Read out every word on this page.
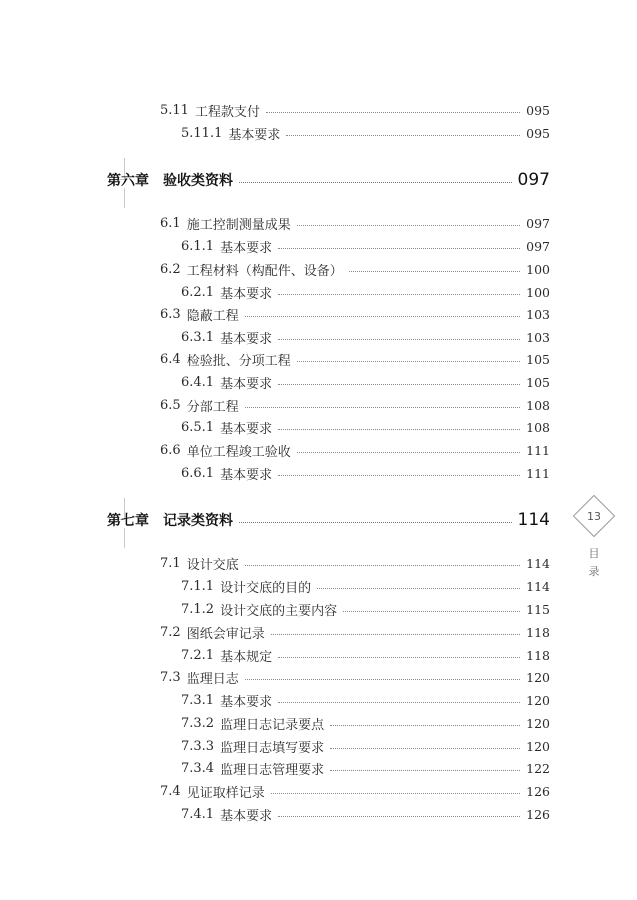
5.11 工程款支付	095
5.11.1 基本要求	095
第六章 验收类资料	097
6.1 施工控制测量成果	097
6.1.1 基本要求	097
6.2 工程材料（构配件、设备）	100
6.2.1 基本要求	100
6.3 隐蔽工程	103
6.3.1 基本要求	103
6.4 检验批、分项工程	105
6.4.1 基本要求	105
6.5 分部工程	108
6.5.1 基本要求	108
6.6 单位工程竣工验收	111
6.6.1 基本要求	111
第七章 记录类资料	114
7.1 设计交底	114
7.1.1 设计交底的目的	114
7.1.2 设计交底的主要内容	115
7.2 图纸会审记录	118
7.2.1 基本规定	118
7.3 监理日志	120
7.3.1 基本要求	120
7.3.2 监理日志记录要点	120
7.3.3 监理日志填写要求	120
7.3.4 监理日志管理要求	122
7.4 见证取样记录	126
7.4.1 基本要求	126
13
目录
